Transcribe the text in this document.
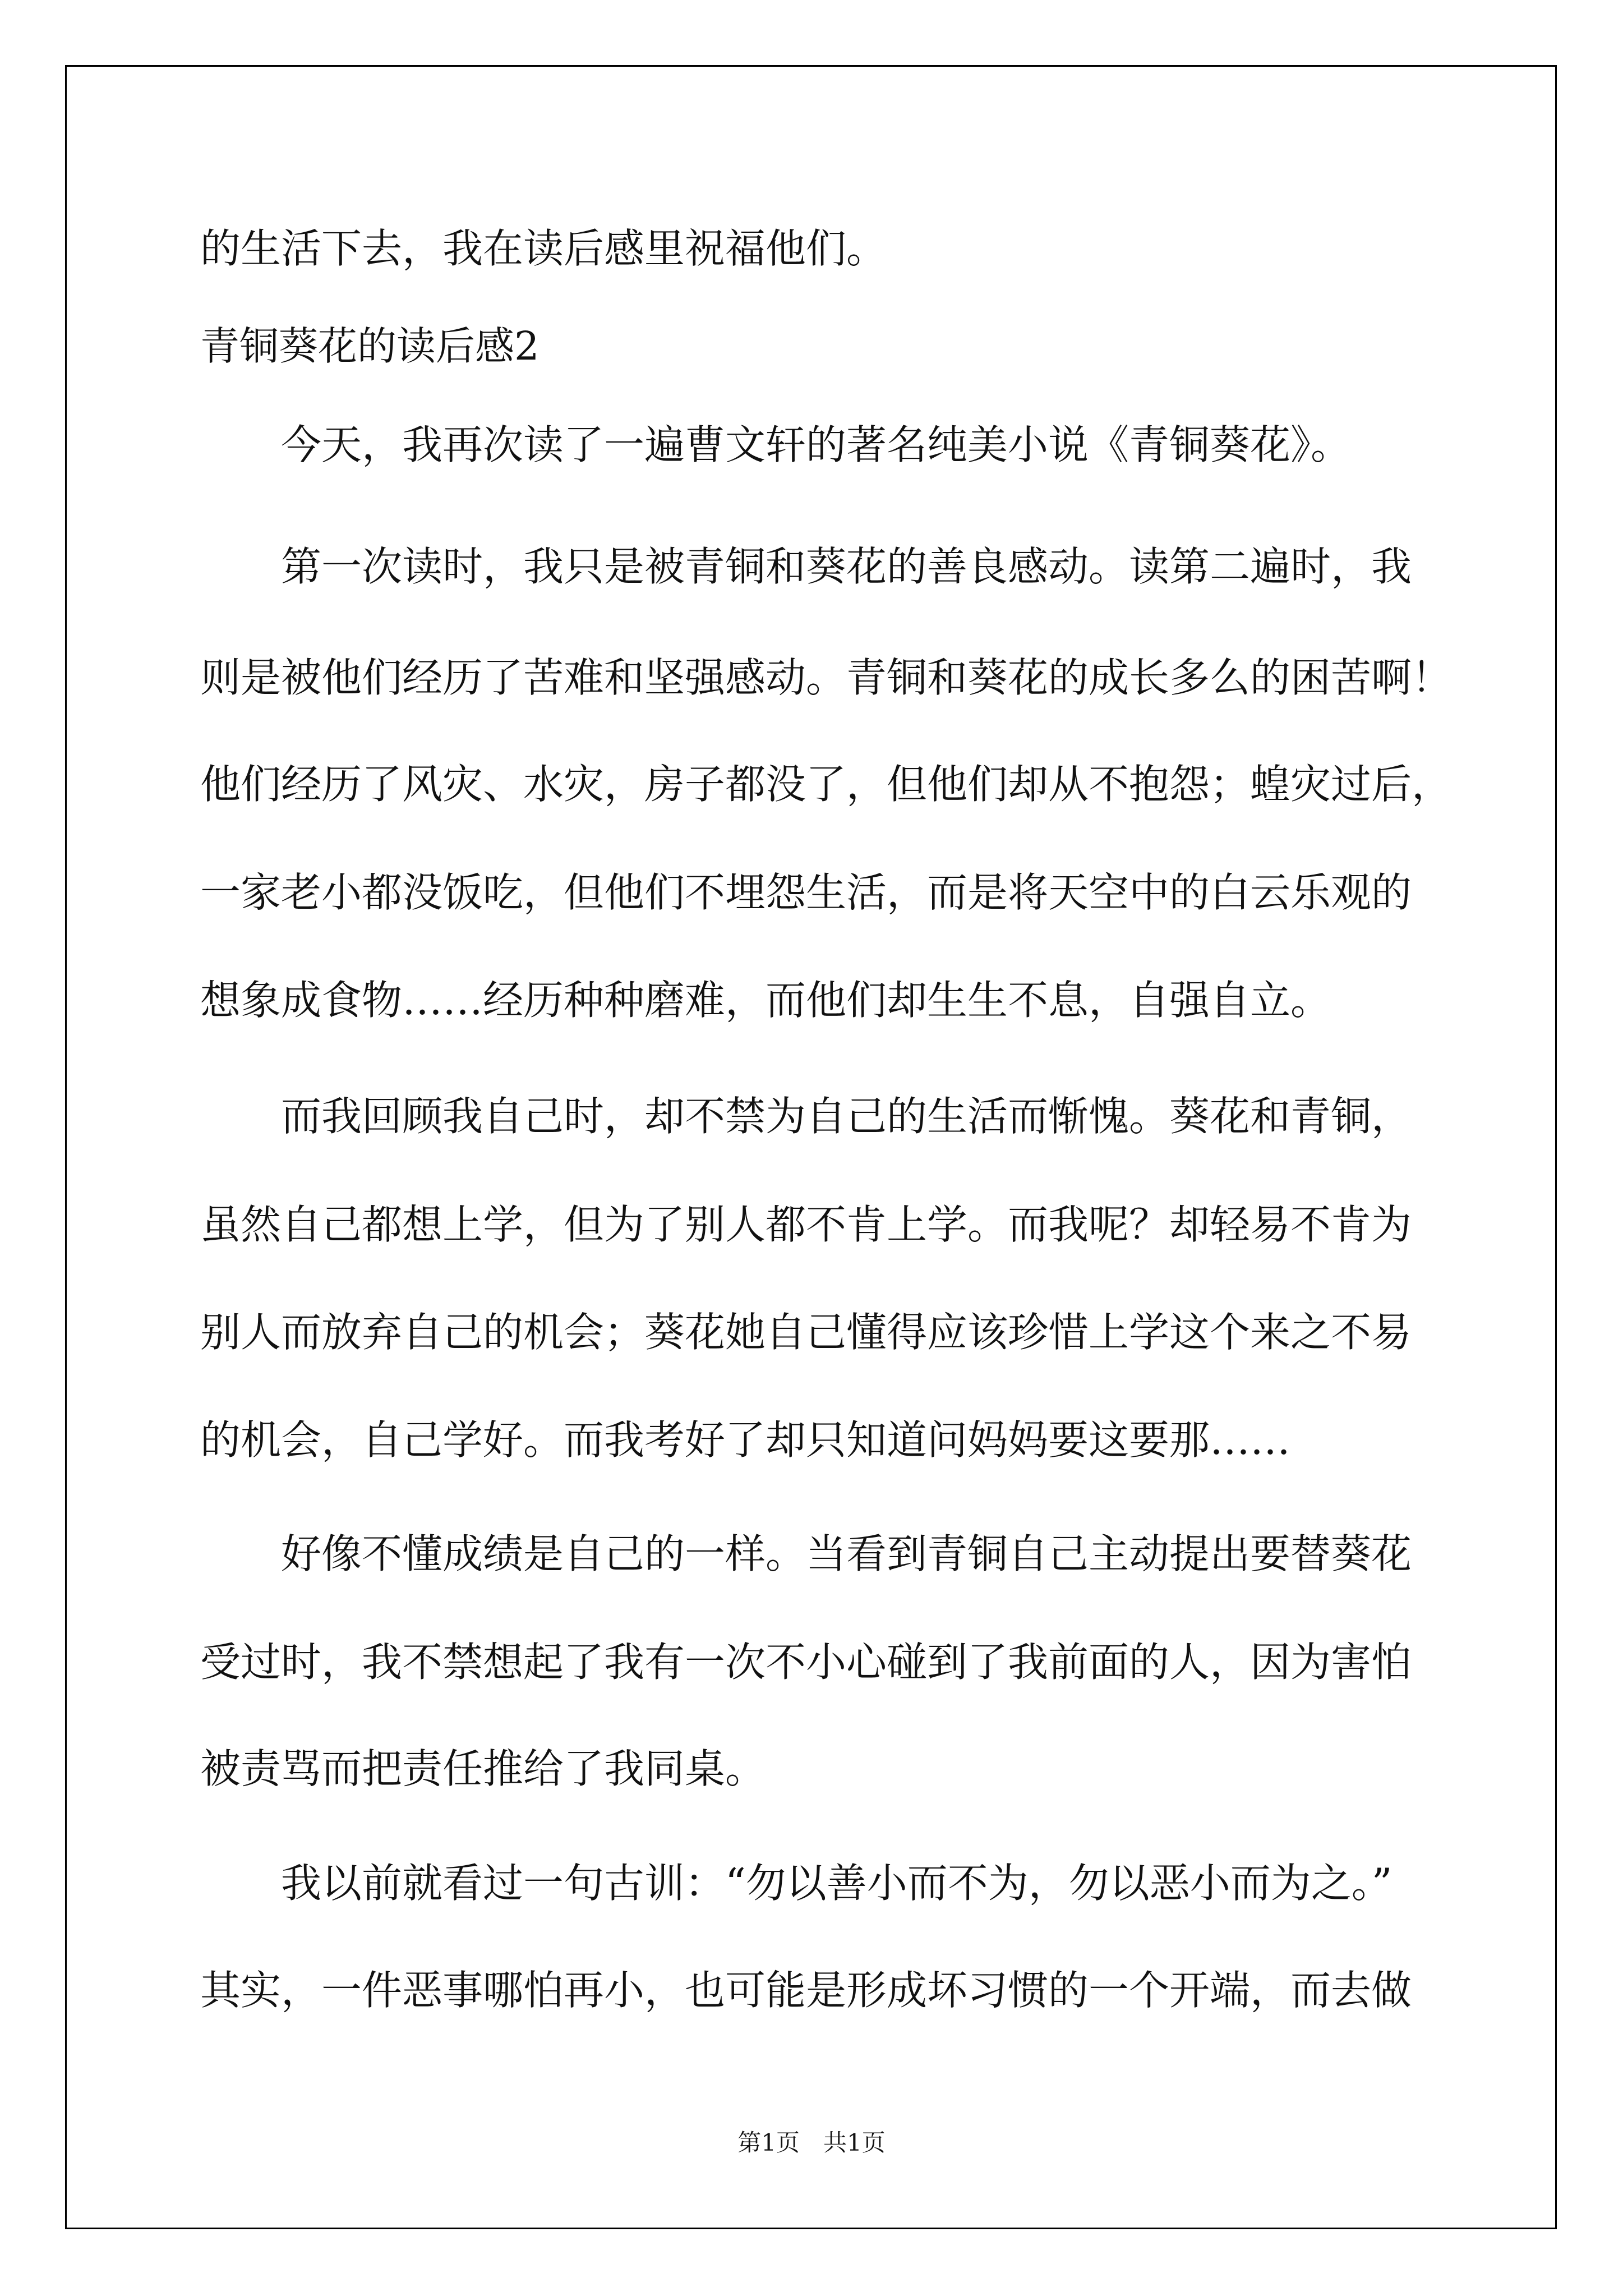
的生活下去，我在读后感里祝福他们。
青铜葵花的读后感2
　　今天，我再次读了一遍曹文轩的著名纯美小说《青铜葵花》。
　　第一次读时，我只是被青铜和葵花的善良感动。读第二遍时，我
则是被他们经历了苦难和坚强感动。青铜和葵花的成长多么的困苦啊！
他们经历了风灾、水灾，房子都没了，但他们却从不抱怨；蝗灾过后，
一家老小都没饭吃，但他们不埋怨生活，而是将天空中的白云乐观的
想象成食物……经历种种磨难，而他们却生生不息，自强自立。
　　而我回顾我自己时，却不禁为自己的生活而惭愧。葵花和青铜，
虽然自己都想上学，但为了别人都不肯上学。而我呢？却轻易不肯为
别人而放弃自己的机会；葵花她自己懂得应该珍惜上学这个来之不易
的机会，自己学好。而我考好了却只知道问妈妈要这要那……
　　好像不懂成绩是自己的一样。当看到青铜自己主动提出要替葵花
受过时，我不禁想起了我有一次不小心碰到了我前面的人，因为害怕
被责骂而把责任推给了我同桌。
　　我以前就看过一句古训：“勿以善小而不为，勿以恶小而为之。”
其实，一件恶事哪怕再小，也可能是形成坏习惯的一个开端，而去做
第1页　共1页
